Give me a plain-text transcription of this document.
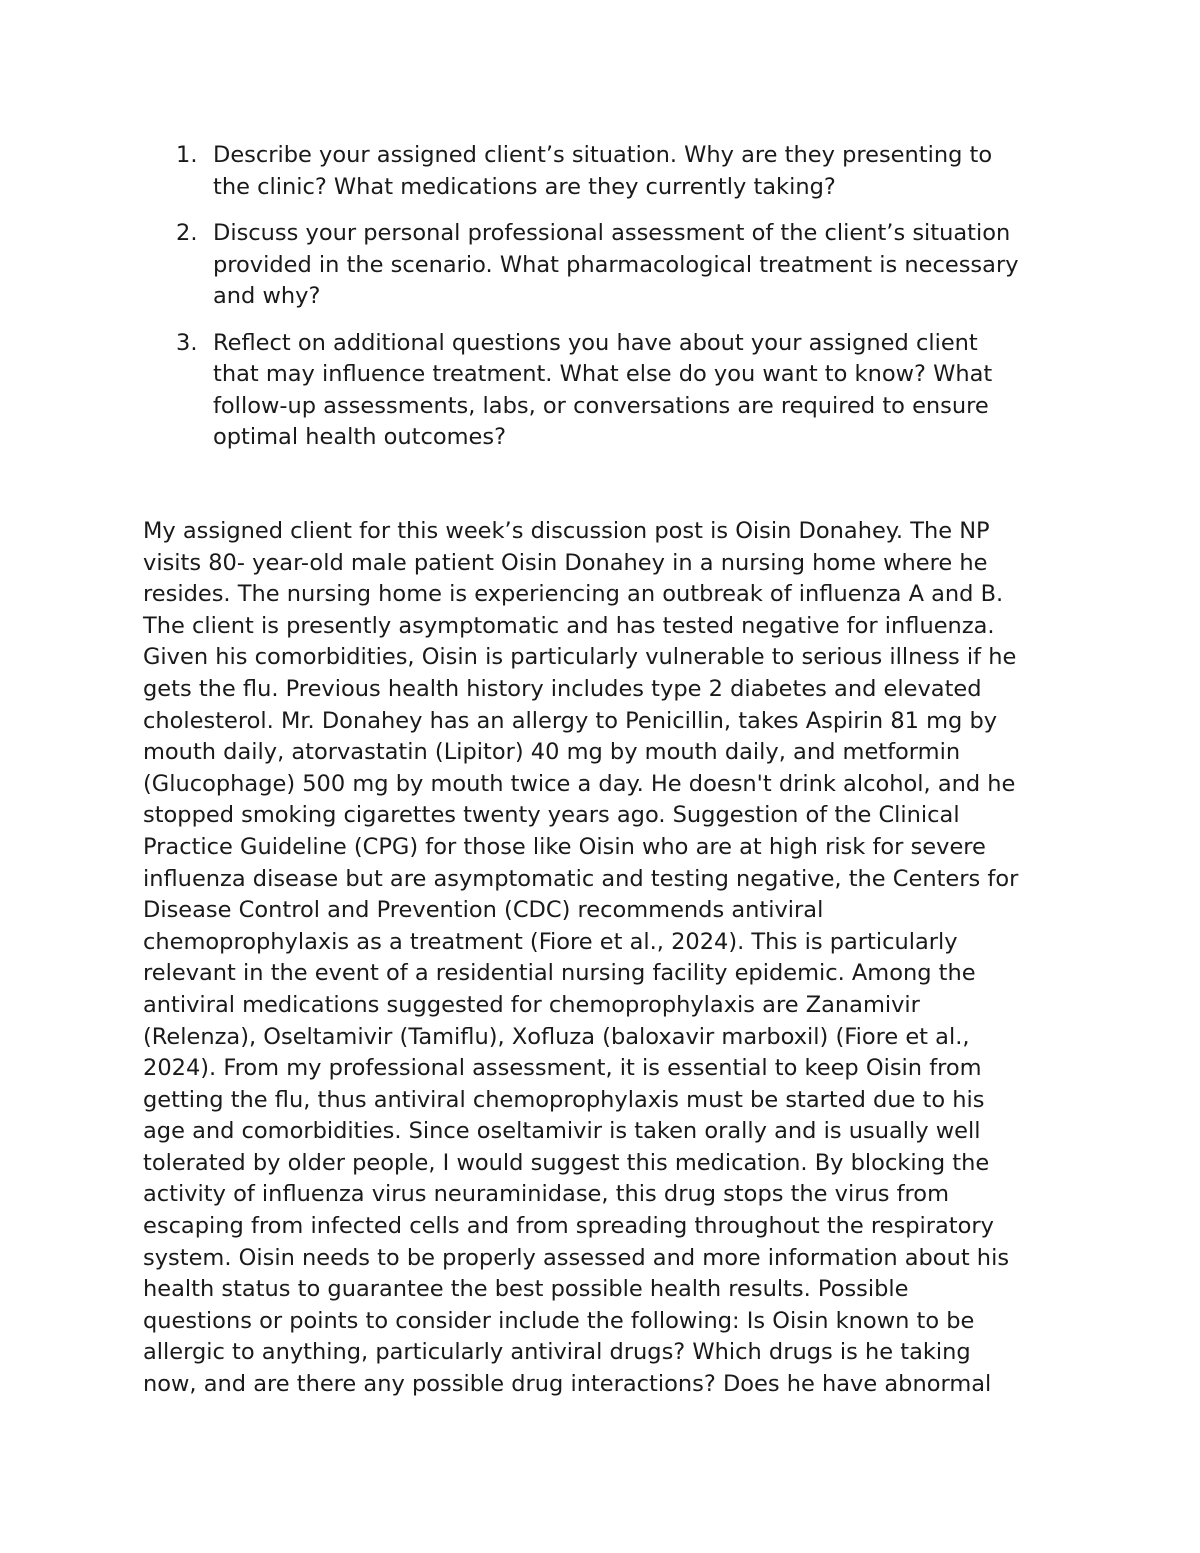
1. Describe your assigned client’s situation. Why are they presenting to
the clinic? What medications are they currently taking?
2. Discuss your personal professional assessment of the client’s situation
provided in the scenario. What pharmacological treatment is necessary
and why?
3. Reflect on additional questions you have about your assigned client
that may influence treatment. What else do you want to know? What
follow-up assessments, labs, or conversations are required to ensure
optimal health outcomes?

My assigned client for this week’s discussion post is Oisin Donahey. The NP
visits 80- year-old male patient Oisin Donahey in a nursing home where he
resides. The nursing home is experiencing an outbreak of influenza A and B.
The client is presently asymptomatic and has tested negative for influenza.
Given his comorbidities, Oisin is particularly vulnerable to serious illness if he
gets the flu. Previous health history includes type 2 diabetes and elevated
cholesterol. Mr. Donahey has an allergy to Penicillin, takes Aspirin 81 mg by
mouth daily, atorvastatin (Lipitor) 40 mg by mouth daily, and metformin
(Glucophage) 500 mg by mouth twice a day. He doesn't drink alcohol, and he
stopped smoking cigarettes twenty years ago. Suggestion of the Clinical
Practice Guideline (CPG) for those like Oisin who are at high risk for severe
influenza disease but are asymptomatic and testing negative, the Centers for
Disease Control and Prevention (CDC) recommends antiviral
chemoprophylaxis as a treatment (Fiore et al., 2024). This is particularly
relevant in the event of a residential nursing facility epidemic. Among the
antiviral medications suggested for chemoprophylaxis are Zanamivir
(Relenza), Oseltamivir (Tamiflu), Xofluza (baloxavir marboxil) (Fiore et al.,
2024). From my professional assessment, it is essential to keep Oisin from
getting the flu, thus antiviral chemoprophylaxis must be started due to his
age and comorbidities. Since oseltamivir is taken orally and is usually well
tolerated by older people, I would suggest this medication. By blocking the
activity of influenza virus neuraminidase, this drug stops the virus from
escaping from infected cells and from spreading throughout the respiratory
system. Oisin needs to be properly assessed and more information about his
health status to guarantee the best possible health results. Possible
questions or points to consider include the following: Is Oisin known to be
allergic to anything, particularly antiviral drugs? Which drugs is he taking
now, and are there any possible drug interactions? Does he have abnormal
